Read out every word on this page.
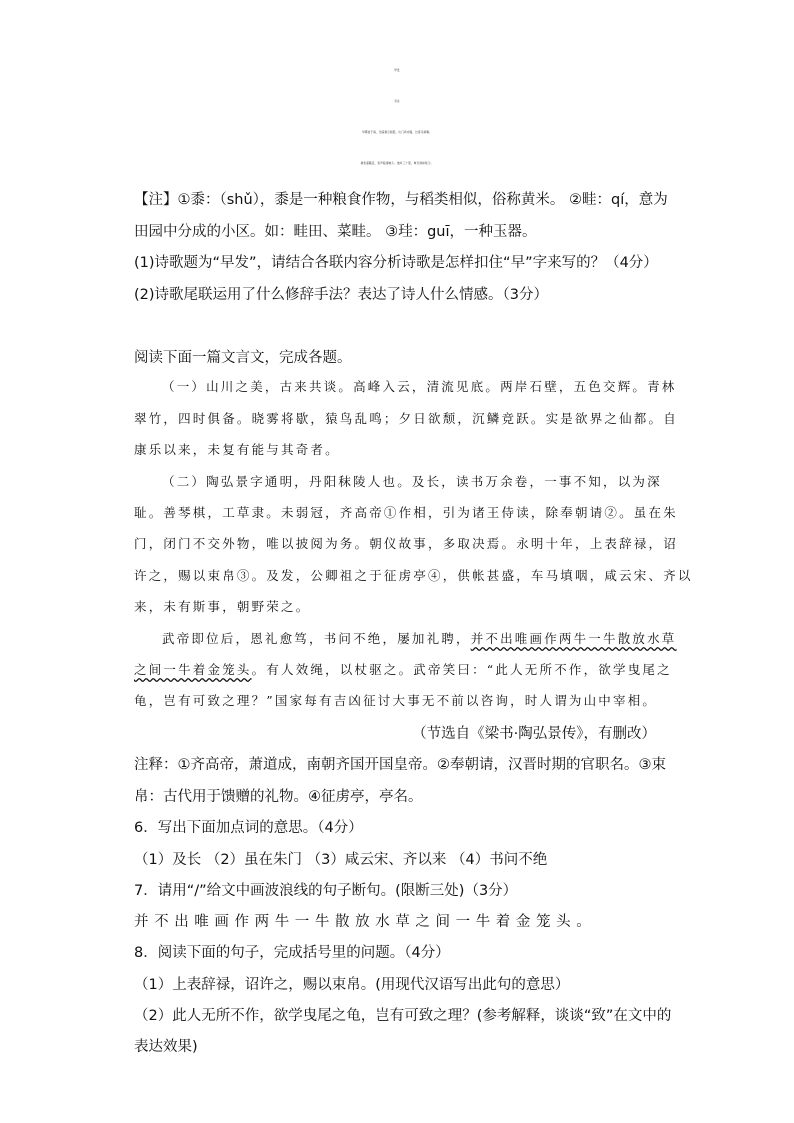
早发
韦庄
早雾浓于雨，田深黍①稻低。出门鸡未唱，过客马频嘶。
树色遥藏店，泉声暗傍畦②。独吟三十里，城月尚如珪③。
【注】①黍：（shǔ），黍是一种粮食作物，与稻类相似，俗称黄米。 ②畦：qí，意为
田园中分成的小区。如：畦田、菜畦。 ③珪：guī，一种玉器。
(1)诗歌题为“早发”，请结合各联内容分析诗歌是怎样扣住“早”字来写的？（4分）
(2)诗歌尾联运用了什么修辞手法？表达了诗人什么情感。（3分）
阅读下面一篇文言文，完成各题。
（一）山川之美，古来共谈。高峰入云，清流见底。两岸石壁，五色交辉。青林
翠竹，四时俱备。晓雾将歇，猿鸟乱鸣；夕日欲颓，沉鳞竞跃。实是欲界之仙都。自
康乐以来，未复有能与其奇者。
（二）陶弘景字通明，丹阳秣陵人也。及长，读书万余卷，一事不知，以为深
耻。善琴棋，工草隶。未弱冠，齐高帝①作相，引为诸王侍读，除奉朝请②。虽在朱
门，闭门不交外物，唯以披阅为务。朝仪故事，多取决焉。永明十年，上表辞禄，诏
许之，赐以束帛③。及发，公卿祖之于征虏亭④，供帐甚盛，车马填咽，咸云宋、齐以
来，未有斯事，朝野荣之。
武帝即位后，恩礼愈笃，书问不绝，屡加礼聘，并不出唯画作两牛一牛散放水草
之间一牛着金笼头。有人效绳，以杖驱之。武帝笑曰：“此人无所不作，欲学曳尾之
龟，岂有可致之理？”国家每有吉凶征讨大事无不前以咨询，时人谓为山中宰相。
（节选自《梁书·陶弘景传》，有删改）
注释：①齐高帝，萧道成，南朝齐国开国皇帝。②奉朝请，汉晋时期的官职名。③束
帛：古代用于馈赠的礼物。④征虏亭，亭名。
6．写出下面加点词的意思。（4分）
（1）及长 （2）虽在朱门 （3）咸云宋、齐以来 （4）书问不绝
7．请用“/”给文中画波浪线的句子断句。(限断三处)（3分）
并不出唯画作两牛一牛散放水草之间一牛着金笼头。
8．阅读下面的句子，完成括号里的问题。（4分）
（1）上表辞禄，诏许之，赐以束帛。(用现代汉语写出此句的意思）
（2）此人无所不作，欲学曳尾之龟，岂有可致之理？(参考解释，谈谈“致”在文中的
表达效果)
